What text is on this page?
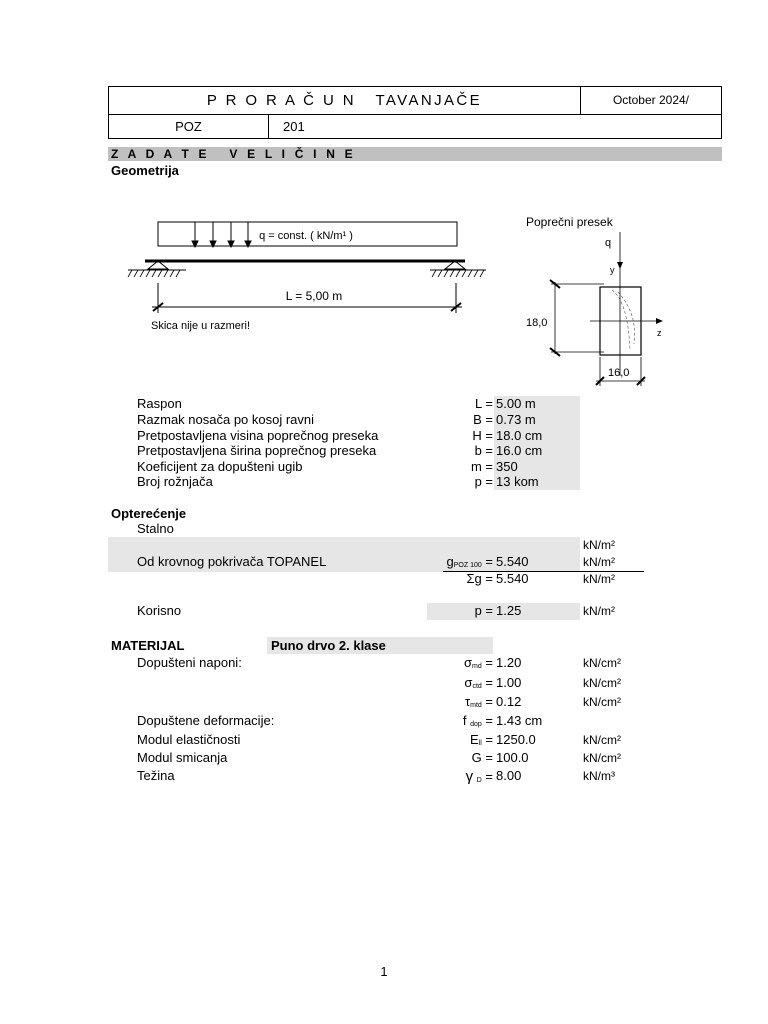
P R O R A Č U N   TAVANJAČE	October 2024/
POZ	201
Z A D A T E   V E L I Č I N E
Geometrija
q = const. ( kN/m¹ )
L = 5,00 m
Skica nije u razmeri!
Poprečni presek
q
y
z
18,0
16,0
Raspon	L = 5.00 m
Razmak nosača po kosoj ravni	B = 0.73 m
Pretpostavljena visina poprečnog preseka	H = 18.0 cm
Pretpostavljena širina poprečnog preseka	b = 16.0 cm
Koeficijent za dopušteni ugib	m = 350
Broj rožnjača	p = 13 kom
Opterećenje
Stalno
kN/m²
Od krovnog pokrivača TOPANEL	$g_{POZ 100} = 5.540$	kN/m²
Σg = 5.540	kN/m²
Korisno	p = 1.25	kN/m²
MATERIJAL	Puno drvo 2. klase
Dopušteni naponi:	$\sigma_{md} = 1.20$	kN/cm²
$\sigma_{ctd} = 1.00$	kN/cm²
$\tau_{mtd} = 0.12$	kN/cm²
Dopuštene deformacije:	f $_{dop}$ = 1.43 cm
Modul elastičnosti	$E_{ll} = 1250.0$	kN/cm²
Modul smicanja	G = 100.0	kN/cm²
Težina	γ $_D$ = 8.00	kN/m³
1
